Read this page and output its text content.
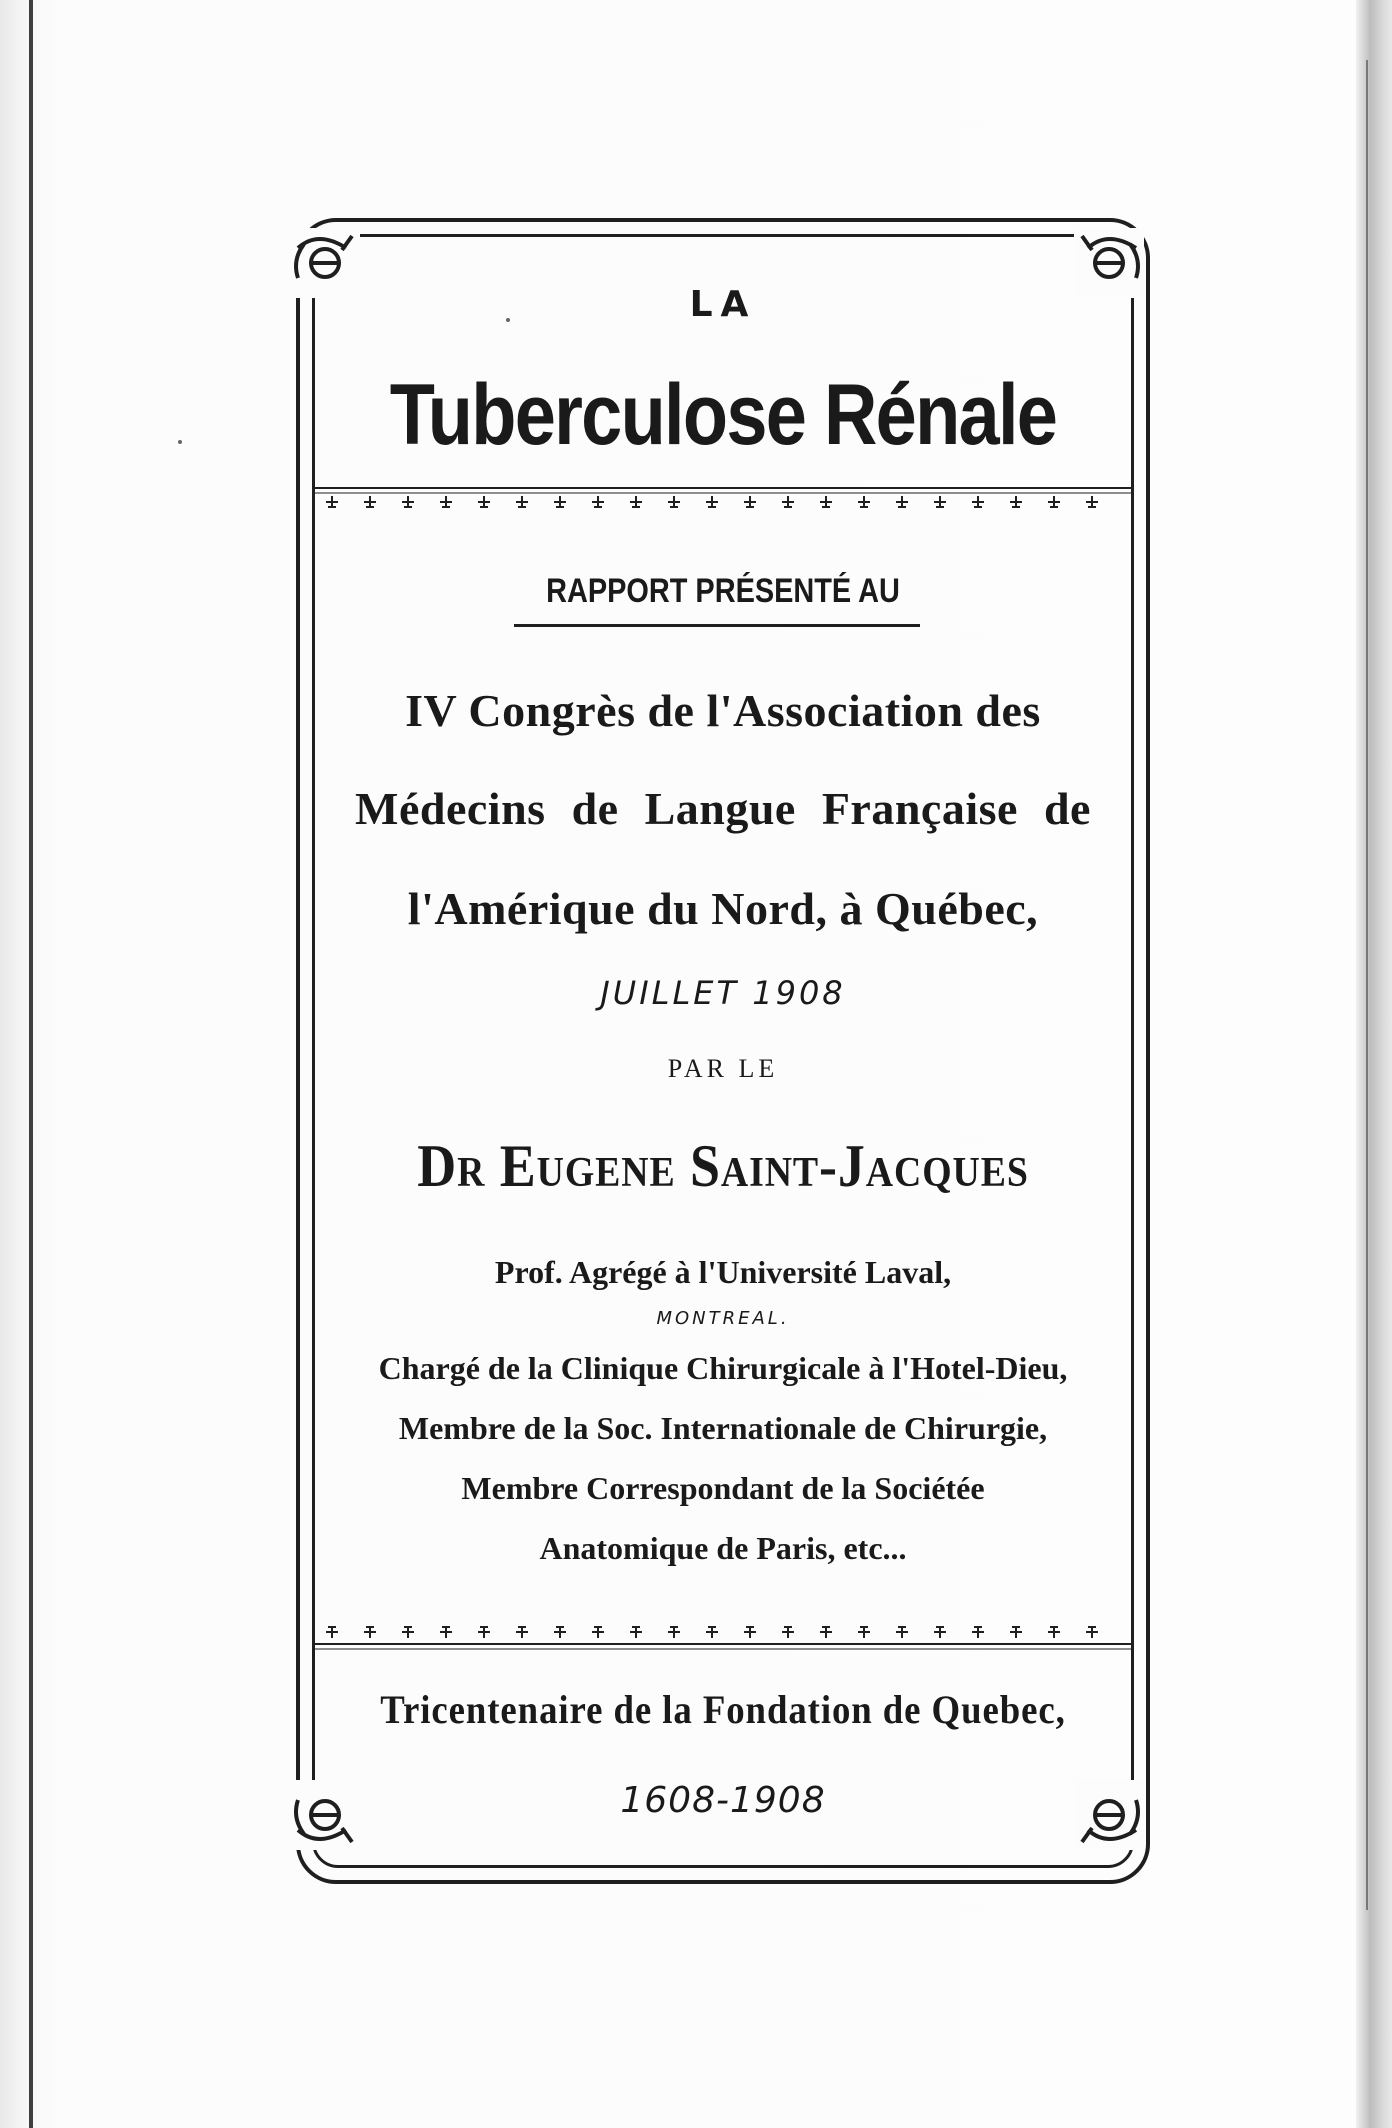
LA
Tuberculose Rénale
RAPPORT PRÉSENTÉ AU
IV Congrès de l'Association des
Médecins de Langue Française de
l'Amérique du Nord, à Québec,
JUILLET 1908
PAR LE
Dr Eugene Saint-Jacques
Prof. Agrégé à l'Université Laval,
MONTREAL.
Chargé de la Clinique Chirurgicale à l'Hotel-Dieu,
Membre de la Soc. Internationale de Chirurgie,
Membre Correspondant de la Sociétée
Anatomique de Paris, etc...
Tricentenaire de la Fondation de Quebec,
1608-1908
